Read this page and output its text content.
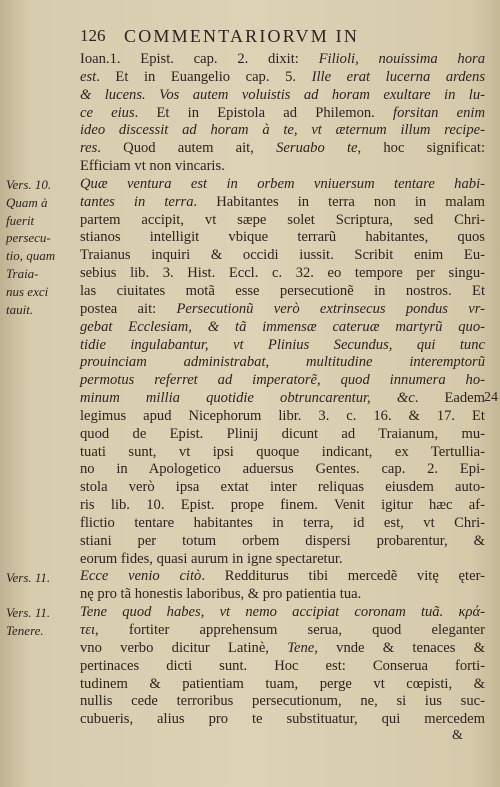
126 COMMENTARIORVM IN
Ioan.1. Epist. cap. 2. dixit: Filioli, nouissima hora
est. Et in Euangelio cap. 5. Ille erat lucerna ardens
& lucens. Vos autem voluistis ad horam exultare in lu-
ce eius. Et in Epistola ad Philemon. forsitan enim
ideo discessit ad horam à te, vt æternum illum recipe-
res. Quod autem ait, Seruabo te, hoc significat:
Efficiam vt non vincaris.
Quæ ventura est in orbem vniuersum tentare habi-
tantes in terra. Habitantes in terra non in malam
partem accipit, vt sæpe solet Scriptura, sed Chri-
stianos intelligit vbique terrarũ habitantes, quos
Traianus inquiri & occidi iussit. Scribit enim Eu-
sebius lib. 3. Hist. Eccl. c. 32. eo tempore per singu-
las ciuitates motã esse persecutionẽ in nostros. Et
postea ait: Persecutionũ verò extrinsecus pondus vr-
gebat Ecclesiam, & tã immensæ cateruæ martyrũ quo-
tidie ingulabantur, vt Plinius Secundus, qui tunc
prouinciam administrabat, multitudine interemptorũ
permotus referret ad imperatorẽ, quod innumera ho-
minum millia quotidie obtruncarentur, &c. Eadem
legimus apud Nicephorum libr. 3. c. 16. & 17. Et
quod de Epist. Plinij dicunt ad Traianum, mu-
tuati sunt, vt ipsi quoque indicant, ex Tertullia-
no in Apologetico aduersus Gentes. cap. 2. Epi-
stola verò ipsa extat inter reliquas eiusdem auto-
ris lib. 10. Epist. prope finem. Venit igitur hæc af-
flictio tentare habitantes in terra, id est, vt Chri-
stiani per totum orbem dispersi probarentur, &
eorum fides, quasi aurum in igne spectaretur.
Ecce venio citò. Redditurus tibi mercedẽ vitę ęter-
nę pro tã honestis laboribus, & pro patientia tua.
Tene quod habes, vt nemo accipiat coronam tuã. κρά-
τει, fortiter apprehensum serua, quod eleganter
vno verbo dicitur Latinè, Tene, vnde & tenaces &
pertinaces dicti sunt. Hoc est: Conserua forti-
tudinem & patientiam tuam, perge vt cœpisti, &
nullis cede terroribus persecutionum, ne, si ius suc-
cubueris, alius pro te substituatur, qui mercedem
Vers. 10.
Quam à
fuerit
persecu-
tio, quam
Traia-
nus exci
tauit.
Vers. 11.
Vers. 11.
Tenere.
24
&
